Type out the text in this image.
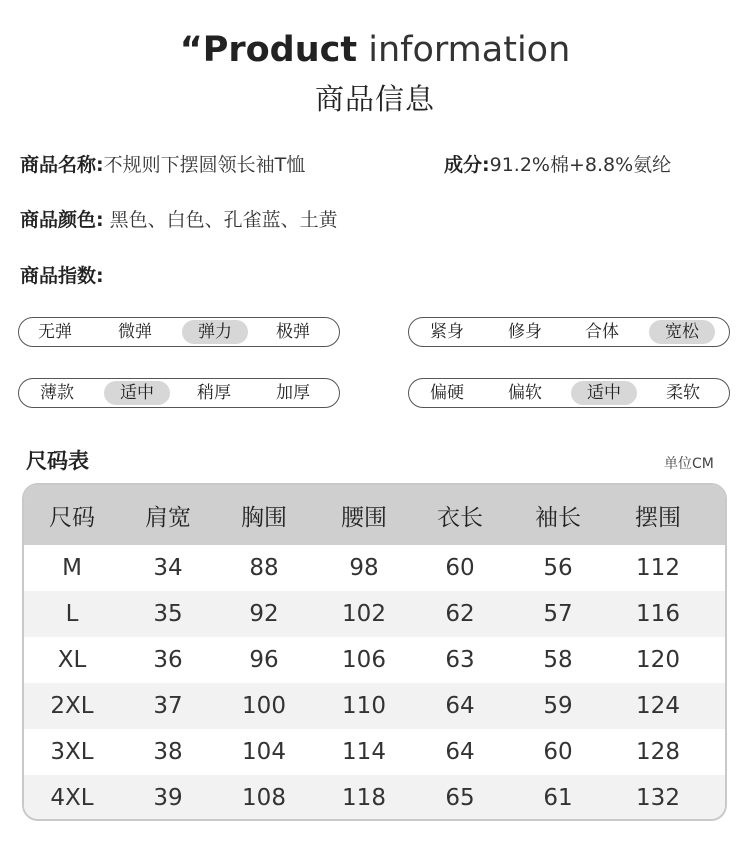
“Product information
商品信息
商品名称:不规则下摆圆领长袖T恤	成分:91.2%棉+8.8%氨纶
商品颜色: 黑色、白色、孔雀蓝、土黄
商品指数:
无弹	微弹	弹力	极弹	紧身	修身	合体	宽松
薄款	适中	稍厚	加厚	偏硬	偏软	适中	柔软
尺码表	单位CM
尺码	肩宽	胸围	腰围	衣长	袖长	摆围
M	34	88	98	60	56	112
L	35	92	102	62	57	116
XL	36	96	106	63	58	120
2XL	37	100	110	64	59	124
3XL	38	104	114	64	60	128
4XL	39	108	118	65	61	132
